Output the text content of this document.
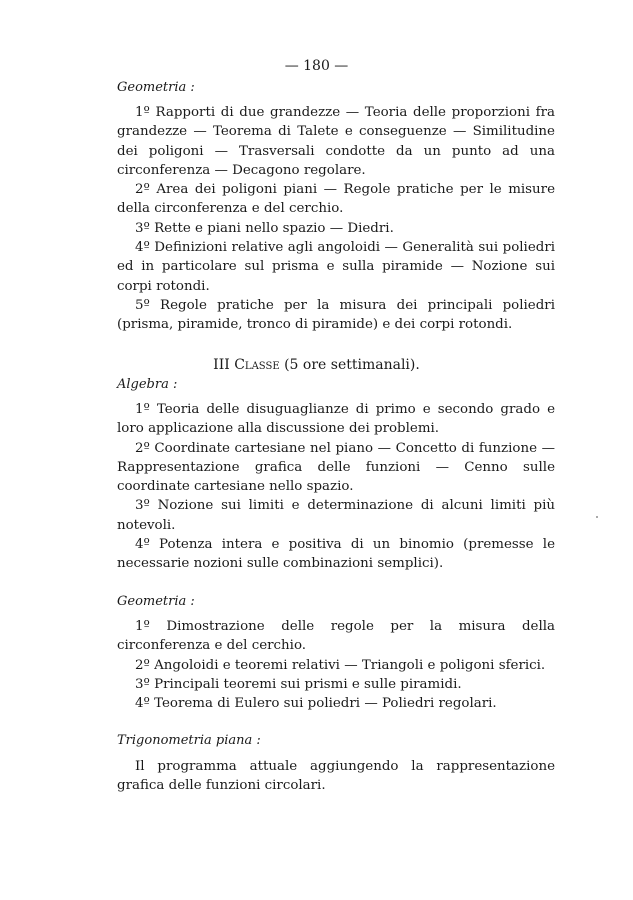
— 180 —
Geometria :
1º Rapporti di due grandezze — Teoria delle proporzioni fra grandezze — Teorema di Talete e conseguenze — Similitudine dei poligoni — Trasversali condotte da un punto ad una circonferenza — Decagono regolare.
2º Area dei poligoni piani — Regole pratiche per le misure della circonferenza e del cerchio.
3º Rette e piani nello spazio — Diedri.
4º Definizioni relative agli angoloidi — Generalità sui poliedri ed in particolare sul prisma e sulla piramide — Nozione sui corpi rotondi.
5º Regole pratiche per la misura dei principali poliedri (prisma, piramide, tronco di piramide) e dei corpi rotondi.
III Classe (5 ore settimanali).
Algebra :
1º Teoria delle disuguaglianze di primo e secondo grado e loro applicazione alla discussione dei problemi.
2º Coordinate cartesiane nel piano — Concetto di funzione — Rappresentazione grafica delle funzioni — Cenno sulle coordinate cartesiane nello spazio.
3º Nozione sui limiti e determinazione di alcuni limiti più notevoli.
4º Potenza intera e positiva di un binomio (premesse le necessarie nozioni sulle combinazioni semplici).
Geometria :
1º Dimostrazione delle regole per la misura della circonferenza e del cerchio.
2º Angoloidi e teoremi relativi — Triangoli e poligoni sferici.
3º Principali teoremi sui prismi e sulle piramidi.
4º Teorema di Eulero sui poliedri — Poliedri regolari.
Trigonometria piana :
Il programma attuale aggiungendo la rappresentazione grafica delle funzioni circolari.
